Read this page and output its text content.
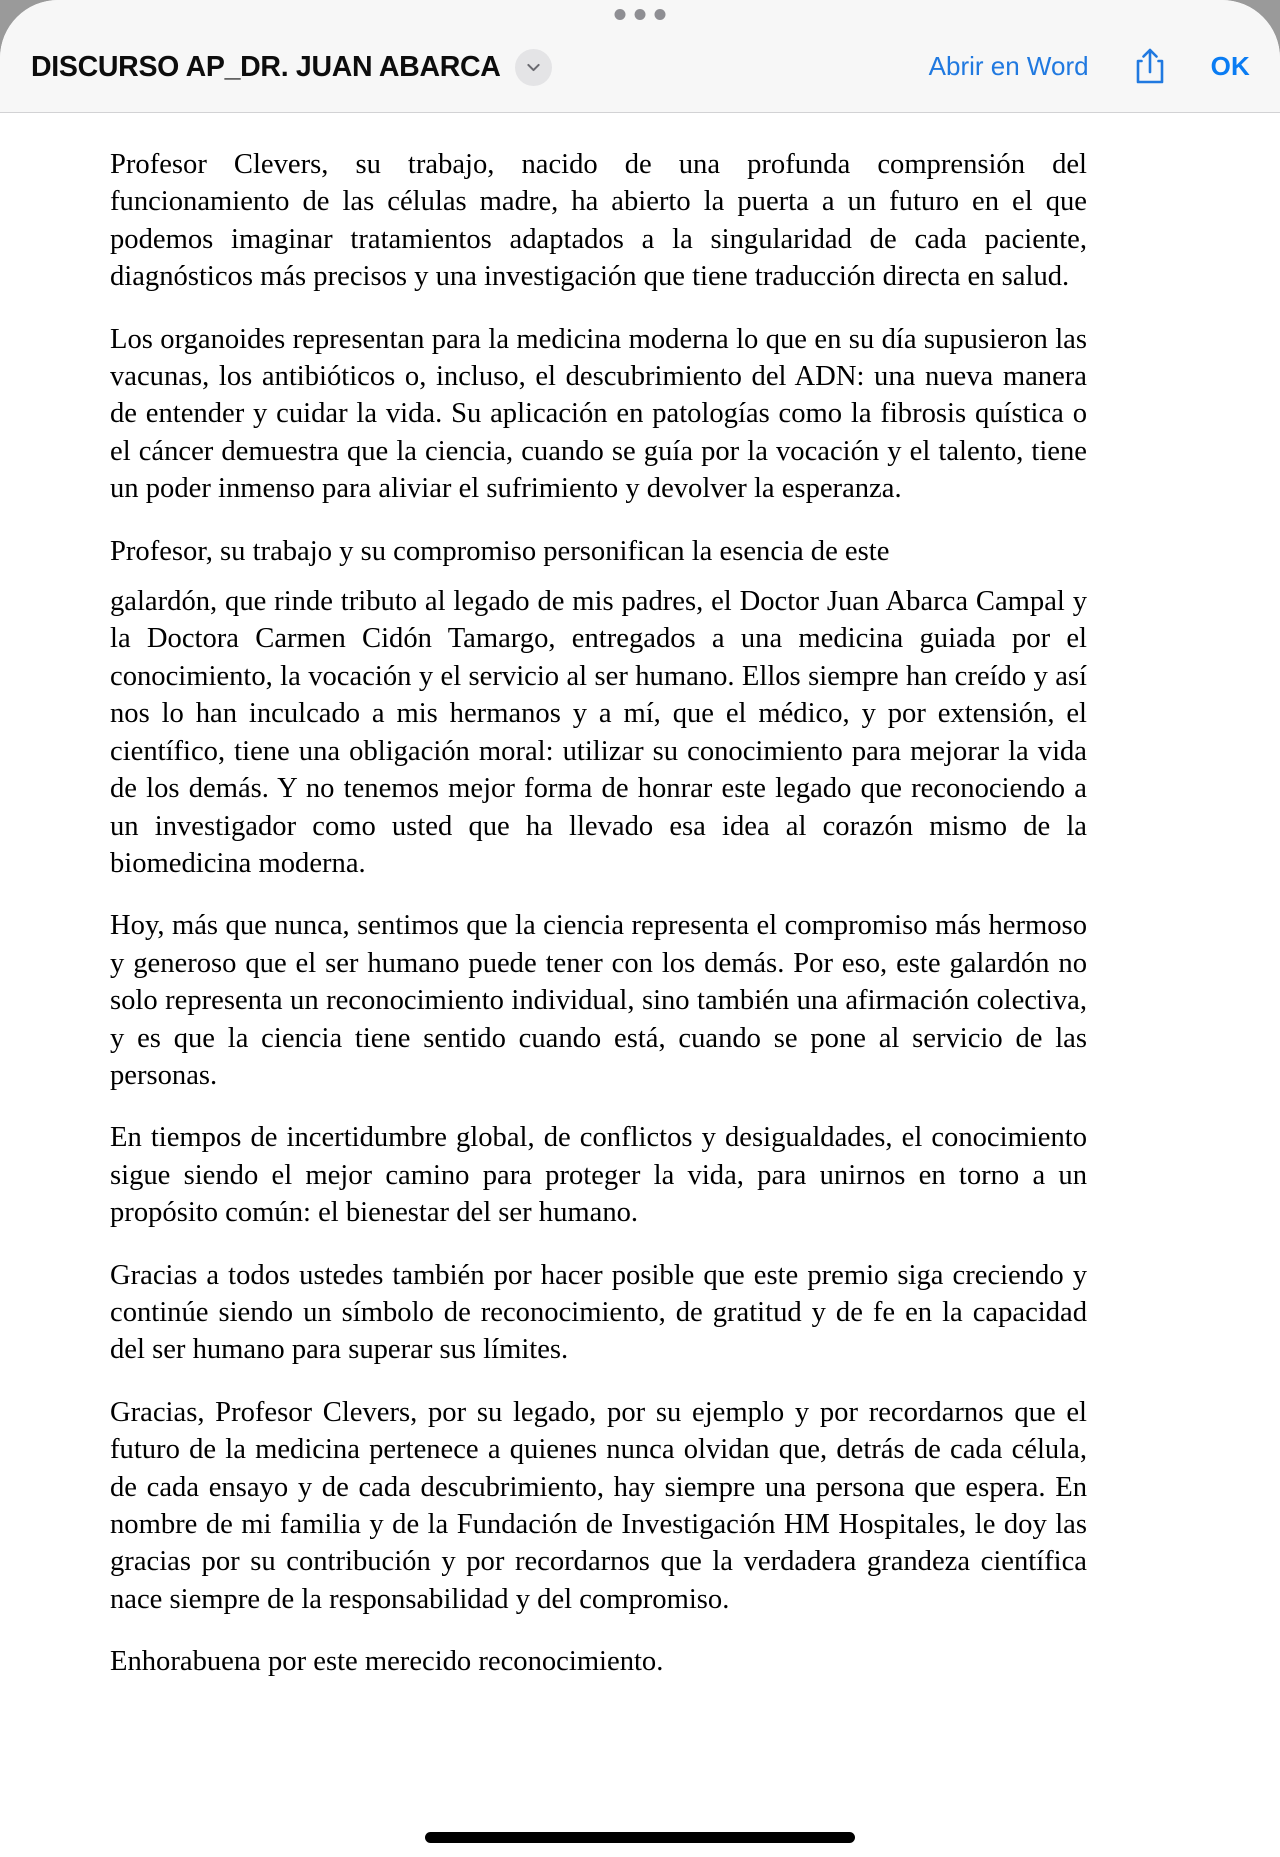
DISCURSO AP_DR. JUAN ABARCA	Abrir en Word	OK

Profesor Clevers, su trabajo, nacido de una profunda comprensión del funcionamiento de las células madre, ha abierto la puerta a un futuro en el que podemos imaginar tratamientos adaptados a la singularidad de cada paciente, diagnósticos más precisos y una investigación que tiene traducción directa en salud.

Los organoides representan para la medicina moderna lo que en su día supusieron las vacunas, los antibióticos o, incluso, el descubrimiento del ADN: una nueva manera de entender y cuidar la vida. Su aplicación en patologías como la fibrosis quística o el cáncer demuestra que la ciencia, cuando se guía por la vocación y el talento, tiene un poder inmenso para aliviar el sufrimiento y devolver la esperanza.

Profesor, su trabajo y su compromiso personifican la esencia de este

galardón, que rinde tributo al legado de mis padres, el Doctor Juan Abarca Campal y la Doctora Carmen Cidón Tamargo, entregados a una medicina guiada por el conocimiento, la vocación y el servicio al ser humano. Ellos siempre han creído y así nos lo han inculcado a mis hermanos y a mí, que el médico, y por extensión, el científico, tiene una obligación moral: utilizar su conocimiento para mejorar la vida de los demás. Y no tenemos mejor forma de honrar este legado que reconociendo a un investigador como usted que ha llevado esa idea al corazón mismo de la biomedicina moderna.

Hoy, más que nunca, sentimos que la ciencia representa el compromiso más hermoso y generoso que el ser humano puede tener con los demás. Por eso, este galardón no solo representa un reconocimiento individual, sino también una afirmación colectiva, y es que la ciencia tiene sentido cuando está, cuando se pone al servicio de las personas.

En tiempos de incertidumbre global, de conflictos y desigualdades, el conocimiento sigue siendo el mejor camino para proteger la vida, para unirnos en torno a un propósito común: el bienestar del ser humano.

Gracias a todos ustedes también por hacer posible que este premio siga creciendo y continúe siendo un símbolo de reconocimiento, de gratitud y de fe en la capacidad del ser humano para superar sus límites.

Gracias, Profesor Clevers, por su legado, por su ejemplo y por recordarnos que el futuro de la medicina pertenece a quienes nunca olvidan que, detrás de cada célula, de cada ensayo y de cada descubrimiento, hay siempre una persona que espera. En nombre de mi familia y de la Fundación de Investigación HM Hospitales, le doy las gracias por su contribución y por recordarnos que la verdadera grandeza científica nace siempre de la responsabilidad y del compromiso.

Enhorabuena por este merecido reconocimiento.
